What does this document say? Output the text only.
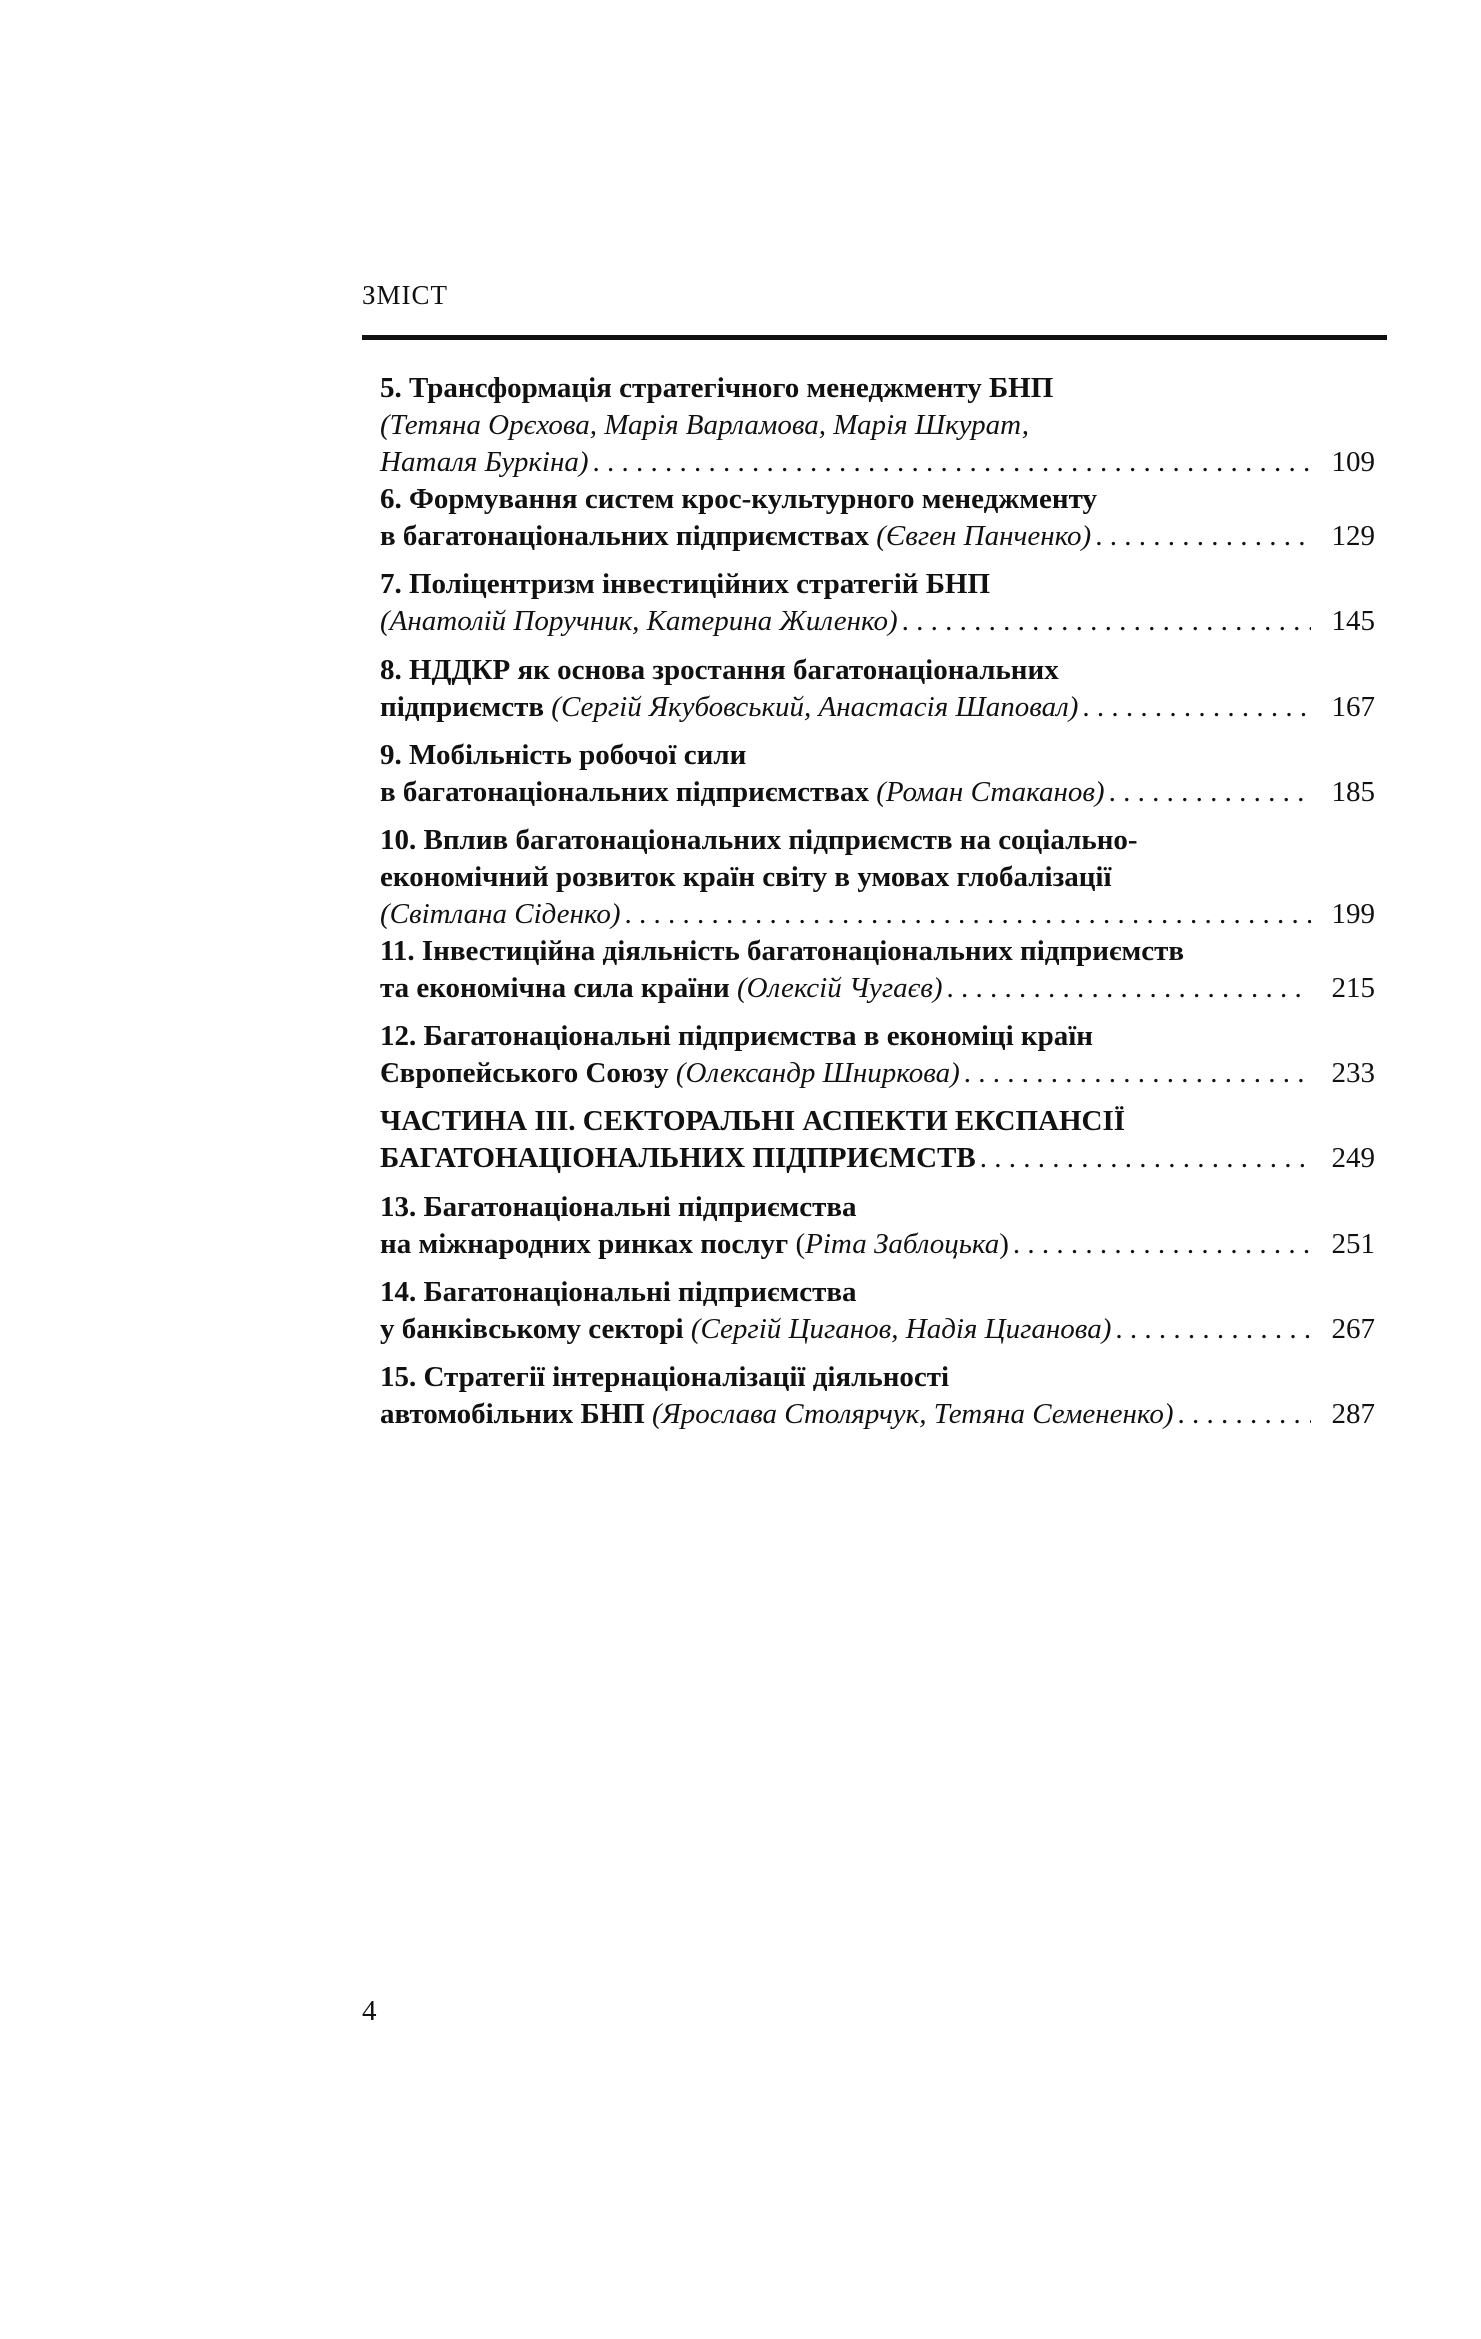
ЗМІСТ
5. Трансформація стратегічного менеджменту БНП
(Тетяна Орєхова, Марія Варламова, Марія Шкурат,
Наталя Буркіна) . . .	109
6. Формування систем крос-культурного менеджменту
в багатонаціональних підприємствах (Євген Панченко) . . .	129
7. Поліцентризм інвестиційних стратегій БНП
(Анатолій Поручник, Катерина Жиленко) . . .	145
8. НДДКР як основа зростання багатонаціональних
підприємств (Сергій Якубовський, Анастасія Шаповал) . . .	167
9. Мобільність робочої сили
в багатонаціональних підприємствах (Роман Стаканов) . . .	185
10. Вплив багатонаціональних підприємств на соціально-
економічний розвиток країн світу в умовах глобалізації
(Світлана Сіденко) . . .	199
11. Інвестиційна діяльність багатонаціональних підприємств
та економічна сила країни (Олексій Чугаєв) . . .	215
12. Багатонаціональні підприємства в економіці країн
Європейського Союзу (Олександр Шниркова) . . .	233
ЧАСТИНА ІІІ. СЕКТОРАЛЬНІ АСПЕКТИ ЕКСПАНСІЇ
БАГАТОНАЦІОНАЛЬНИХ ПІДПРИЄМСТВ . . .	249
13. Багатонаціональні підприємства
на міжнародних ринках послуг (Ріта Заблоцька) . . .	251
14. Багатонаціональні підприємства
у банківському секторі (Сергій Циганов, Надія Циганова) . . .	267
15. Стратегії інтернаціоналізації діяльності
автомобільних БНП (Ярослава Столярчук, Тетяна Семененко) . . .	287
4
